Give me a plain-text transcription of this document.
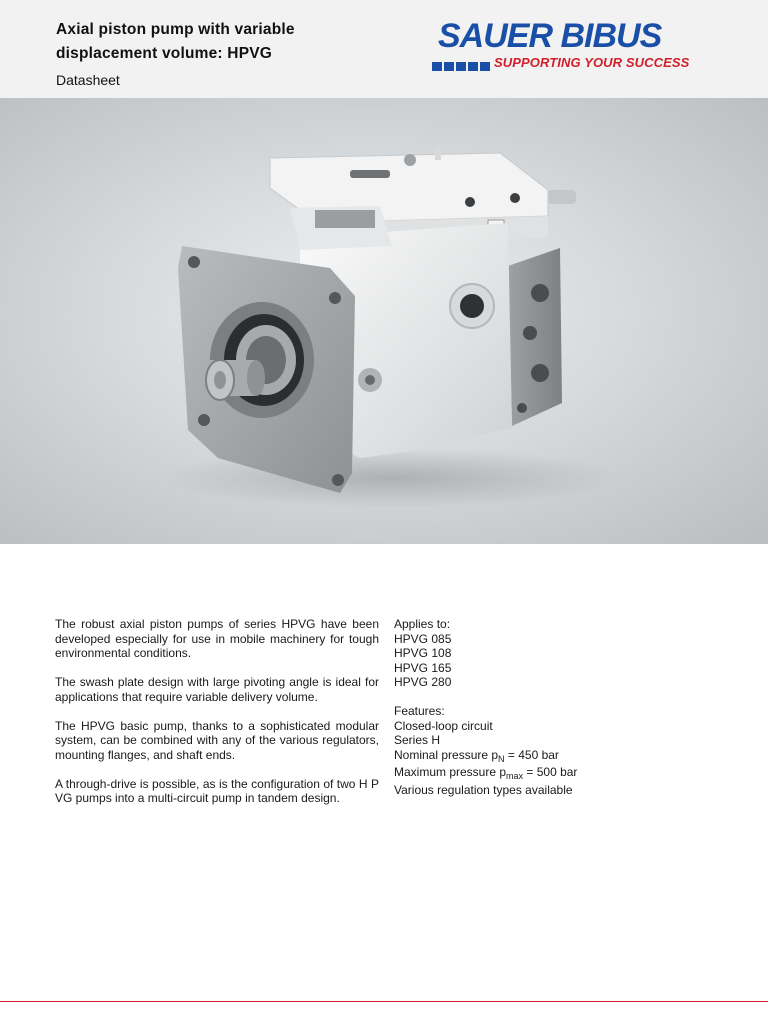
Axial piston pump with variable
displacement volume: HPVG
Datasheet
SAUER BIBUS
SUPPORTING YOUR SUCCESS

The robust axial piston pumps of series HPVG have been developed especially for use in mobile machinery for tough environmental conditions.

The swash plate design with large pivoting angle is ideal for applications that require variable delivery volume.

The HPVG basic pump, thanks to a sophisticated modular system, can be combined with any of the various regulators, mounting flanges, and shaft ends.

A through-drive is possible, as is the configuration of two H P VG pumps into a multi-circuit pump in tandem design.

Applies to:
HPVG 085
HPVG 108
HPVG 165
HPVG 280
Features:
Closed-loop circuit
Series H
Nominal pressure $p_N = 450$ bar
Maximum pressure $p_{max} = 500$ bar
Various regulation types available
